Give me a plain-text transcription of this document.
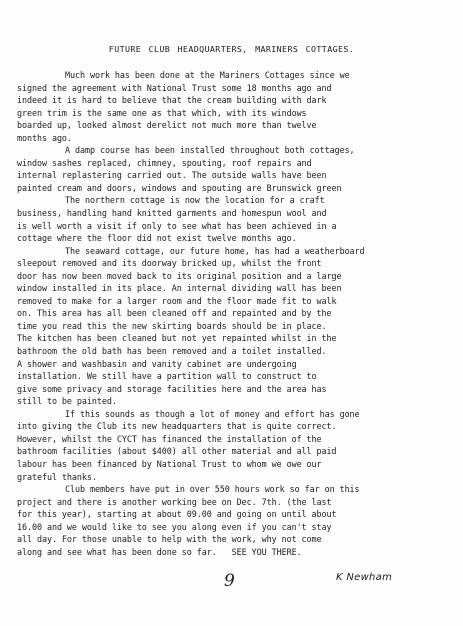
FUTURE CLUB HEADQUARTERS, MARINERS COTTAGES.
Much work has been done at the Mariners Cottages since we
signed the agreement with National Trust some 18 months ago and
indeed it is hard to believe that the cream building with dark
green trim is the same one as that which, with its windows
boarded up, looked almost derelict not much more than twelve
months ago.
A damp course has been installed throughout both cottages,
window sashes replaced, chimney, spouting, roof repairs and
internal replastering carried out. The outside walls have been
painted cream and doors, windows and spouting are Brunswick green
The northern cottage is now the location for a craft
business, handling hand knitted garments and homespun wool and
is well worth a visit if only to see what has been achieved in a
cottage where the floor did not exist twelve months ago.
The seaward cottage, our future home, has had a weatherboard
sleepout removed and its doorway bricked up, whilst the front
door has now been moved back to its original position and a large
window installed in its place. An internal dividing wall has been
removed to make for a larger room and the floor made fit to walk
on. This area has all been cleaned off and repainted and by the
time you read this the new skirting boards should be in place.
The kitchen has been cleaned but not yet repainted whilst in the
bathroom the old bath has been removed and a toilet installed.
A shower and washbasin and vanity cabinet are undergoing
installation. We still have a partition wall to construct to
give some privacy and storage facilities here and the area has
still to be painted.
If this sounds as though a lot of money and effort has gone
into giving the Club its new headquarters that is quite correct.
However, whilst the CYCT has financed the installation of the
bathroom facilities (about $400) all other material and all paid
labour has been financed by National Trust to whom we owe our
grateful thanks.
Club members have put in over 550 hours work so far on this
project and there is another working bee on Dec. 7th. (the last
for this year), starting at about 09.00 and going on until about
16.00 and we would like to see you along even if you can't stay
all day. For those unable to help with the work, why not come
along and see what has been done so far.   SEE YOU THERE.
9	K Newham
